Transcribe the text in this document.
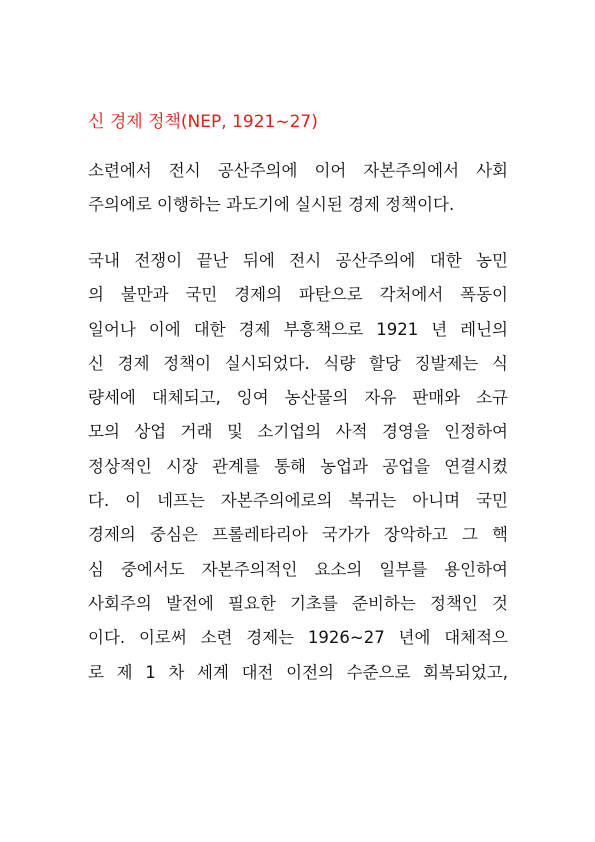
신 경제 정책(NEP, 1921~27)
소련에서 전시 공산주의에 이어 자본주의에서 사회
주의에로 이행하는 과도기에 실시된 경제 정책이다.
국내 전쟁이 끝난 뒤에 전시 공산주의에 대한 농민
의 불만과 국민 경제의 파탄으로 각처에서 폭동이
일어나 이에 대한 경제 부흥책으로 1921 년 레닌의
신 경제 정책이 실시되었다. 식량 할당 징발제는 식
량세에 대체되고, 잉여 농산물의 자유 판매와 소규
모의 상업 거래 및 소기업의 사적 경영을 인정하여
정상적인 시장 관계를 통해 농업과 공업을 연결시켰
다. 이 네프는 자본주의에로의 복귀는 아니며 국민
경제의 중심은 프롤레타리아 국가가 장악하고 그 핵
심 중에서도 자본주의적인 요소의 일부를 용인하여
사회주의 발전에 필요한 기초를 준비하는 정책인 것
이다. 이로써 소련 경제는 1926~27 년에 대체적으
로 제 1 차 세계 대전 이전의 수준으로 회복되었고,
